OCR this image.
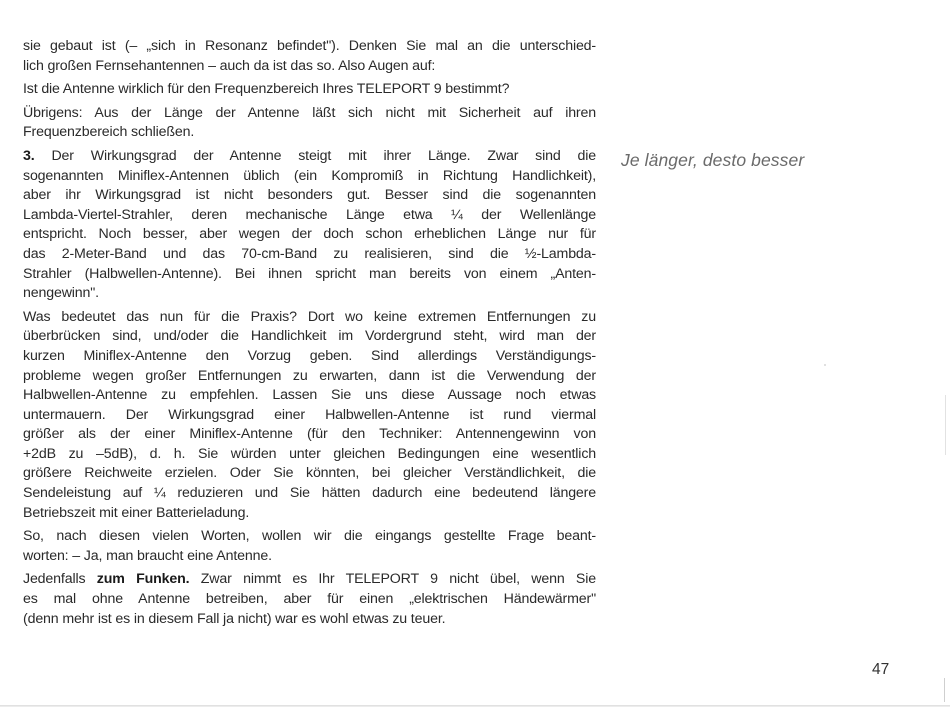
sie gebaut ist (– „sich in Resonanz befindet"). Denken Sie mal an die unterschied-
lich großen Fernsehantennen – auch da ist das so. Also Augen auf:

Ist die Antenne wirklich für den Frequenzbereich Ihres TELEPORT 9 bestimmt?

Übrigens: Aus der Länge der Antenne läßt sich nicht mit Sicherheit auf ihren
Frequenzbereich schließen.

3. Der Wirkungsgrad der Antenne steigt mit ihrer Länge. Zwar sind die
sogenannten Miniflex-Antennen üblich (ein Kompromiß in Richtung Handlichkeit),
aber ihr Wirkungsgrad ist nicht besonders gut. Besser sind die sogenannten
Lambda-Viertel-Strahler, deren mechanische Länge etwa ¼ der Wellenlänge
entspricht. Noch besser, aber wegen der doch schon erheblichen Länge nur für
das 2-Meter-Band und das 70-cm-Band zu realisieren, sind die ½-Lambda-
Strahler (Halbwellen-Antenne). Bei ihnen spricht man bereits von einem „Anten-
nengewinn".

Was bedeutet das nun für die Praxis? Dort wo keine extremen Entfernungen zu
überbrücken sind, und/oder die Handlichkeit im Vordergrund steht, wird man der
kurzen Miniflex-Antenne den Vorzug geben. Sind allerdings Verständigungs-
probleme wegen großer Entfernungen zu erwarten, dann ist die Verwendung der
Halbwellen-Antenne zu empfehlen. Lassen Sie uns diese Aussage noch etwas
untermauern. Der Wirkungsgrad einer Halbwellen-Antenne ist rund viermal
größer als der einer Miniflex-Antenne (für den Techniker: Antennengewinn von
+2dB zu –5dB), d. h. Sie würden unter gleichen Bedingungen eine wesentlich
größere Reichweite erzielen. Oder Sie könnten, bei gleicher Verständlichkeit, die
Sendeleistung auf ¼ reduzieren und Sie hätten dadurch eine bedeutend längere
Betriebszeit mit einer Batterieladung.

So, nach diesen vielen Worten, wollen wir die eingangs gestellte Frage beant-
worten: – Ja, man braucht eine Antenne.

Jedenfalls zum Funken. Zwar nimmt es Ihr TELEPORT 9 nicht übel, wenn Sie
es mal ohne Antenne betreiben, aber für einen „elektrischen Händewärmer"
(denn mehr ist es in diesem Fall ja nicht) war es wohl etwas zu teuer.

Je länger, desto besser
47
